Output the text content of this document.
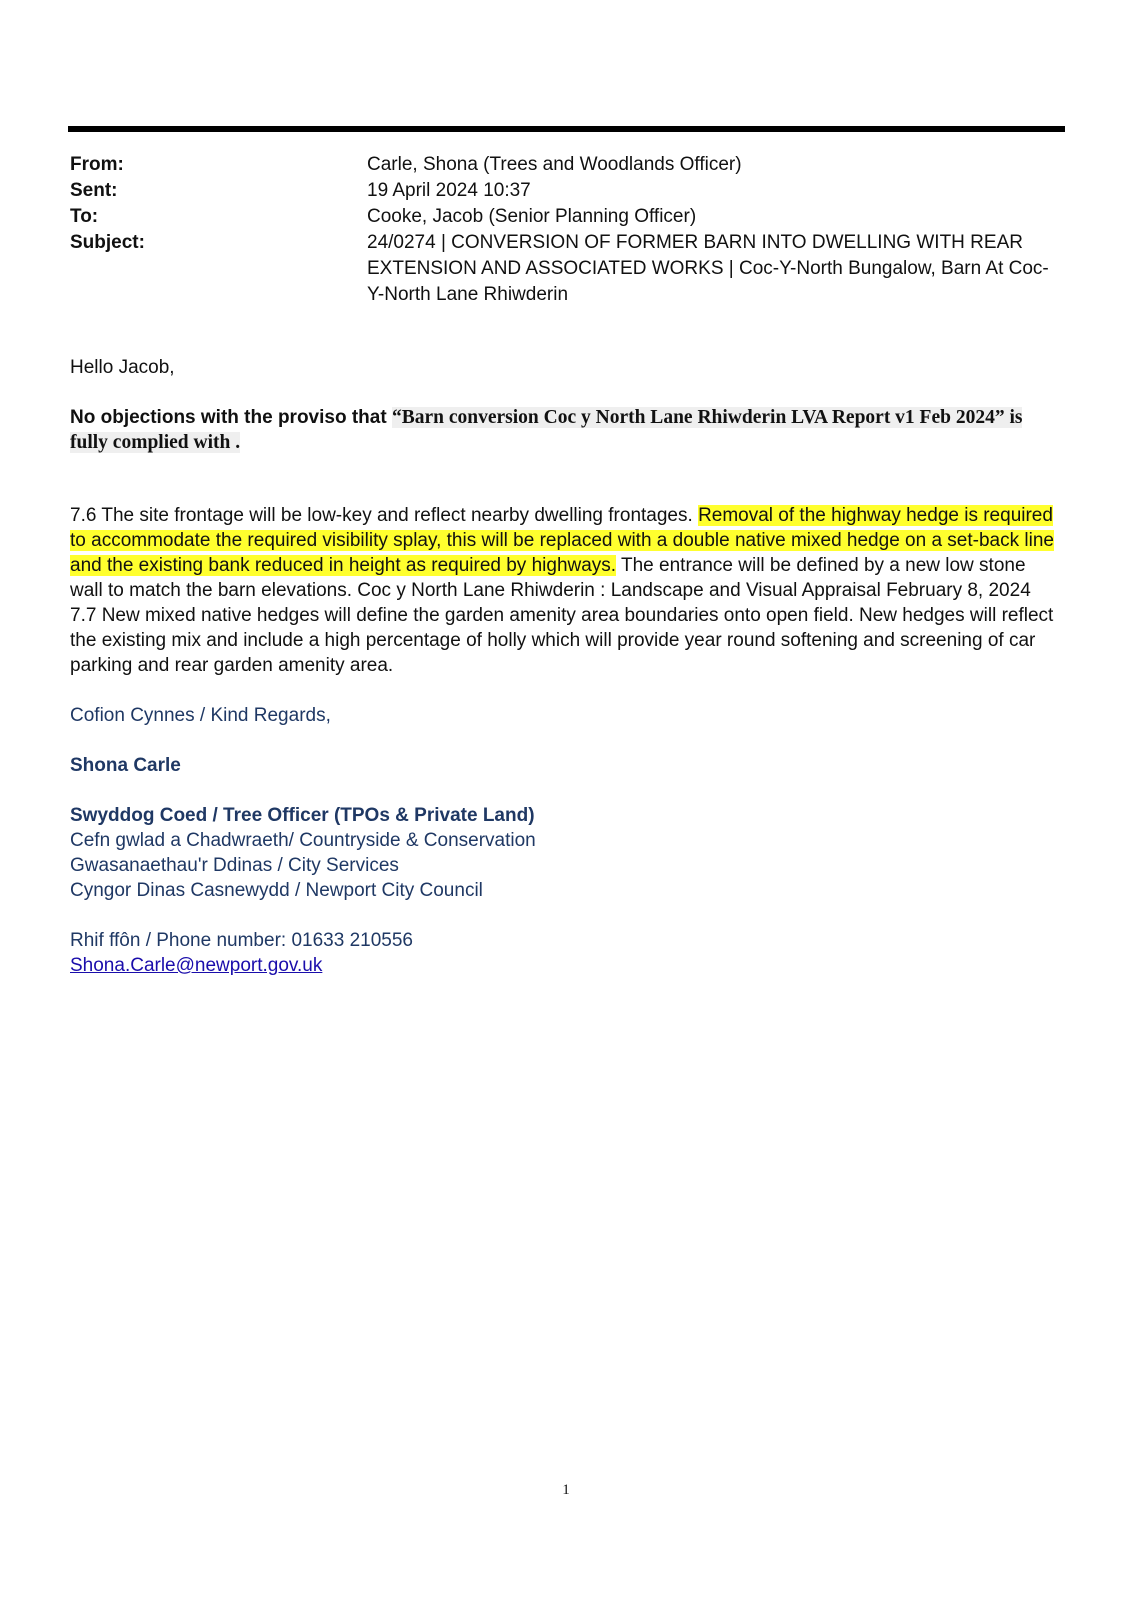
From:	Carle, Shona (Trees and Woodlands Officer)
Sent:	19 April 2024 10:37
To:	Cooke, Jacob (Senior Planning Officer)
Subject:	24/0274 | CONVERSION OF FORMER BARN INTO DWELLING WITH REAR EXTENSION AND ASSOCIATED WORKS | Coc-Y-North Bungalow, Barn At Coc-Y-North Lane Rhiwderin
Hello Jacob,
No objections with the proviso that “Barn conversion Coc y North Lane Rhiwderin LVA Report v1 Feb 2024” is fully complied with .
7.6 The site frontage will be low-key and reflect nearby dwelling frontages. Removal of the highway hedge is required to accommodate the required visibility splay, this will be replaced with a double native mixed hedge on a set-back line and the existing bank reduced in height as required by highways. The entrance will be defined by a new low stone wall to match the barn elevations. Coc y North Lane Rhiwderin : Landscape and Visual Appraisal February 8, 2024 7.7 New mixed native hedges will define the garden amenity area boundaries onto open field. New hedges will reflect the existing mix and include a high percentage of holly which will provide year round softening and screening of car parking and rear garden amenity area.
Cofion Cynnes / Kind Regards,
Shona Carle
Swyddog Coed / Tree Officer (TPOs & Private Land)
Cefn gwlad a Chadwraeth/ Countryside & Conservation
Gwasanaethau'r Ddinas / City Services
Cyngor Dinas Casnewydd / Newport City Council
Rhif ffôn / Phone number: 01633 210556
Shona.Carle@newport.gov.uk
1
